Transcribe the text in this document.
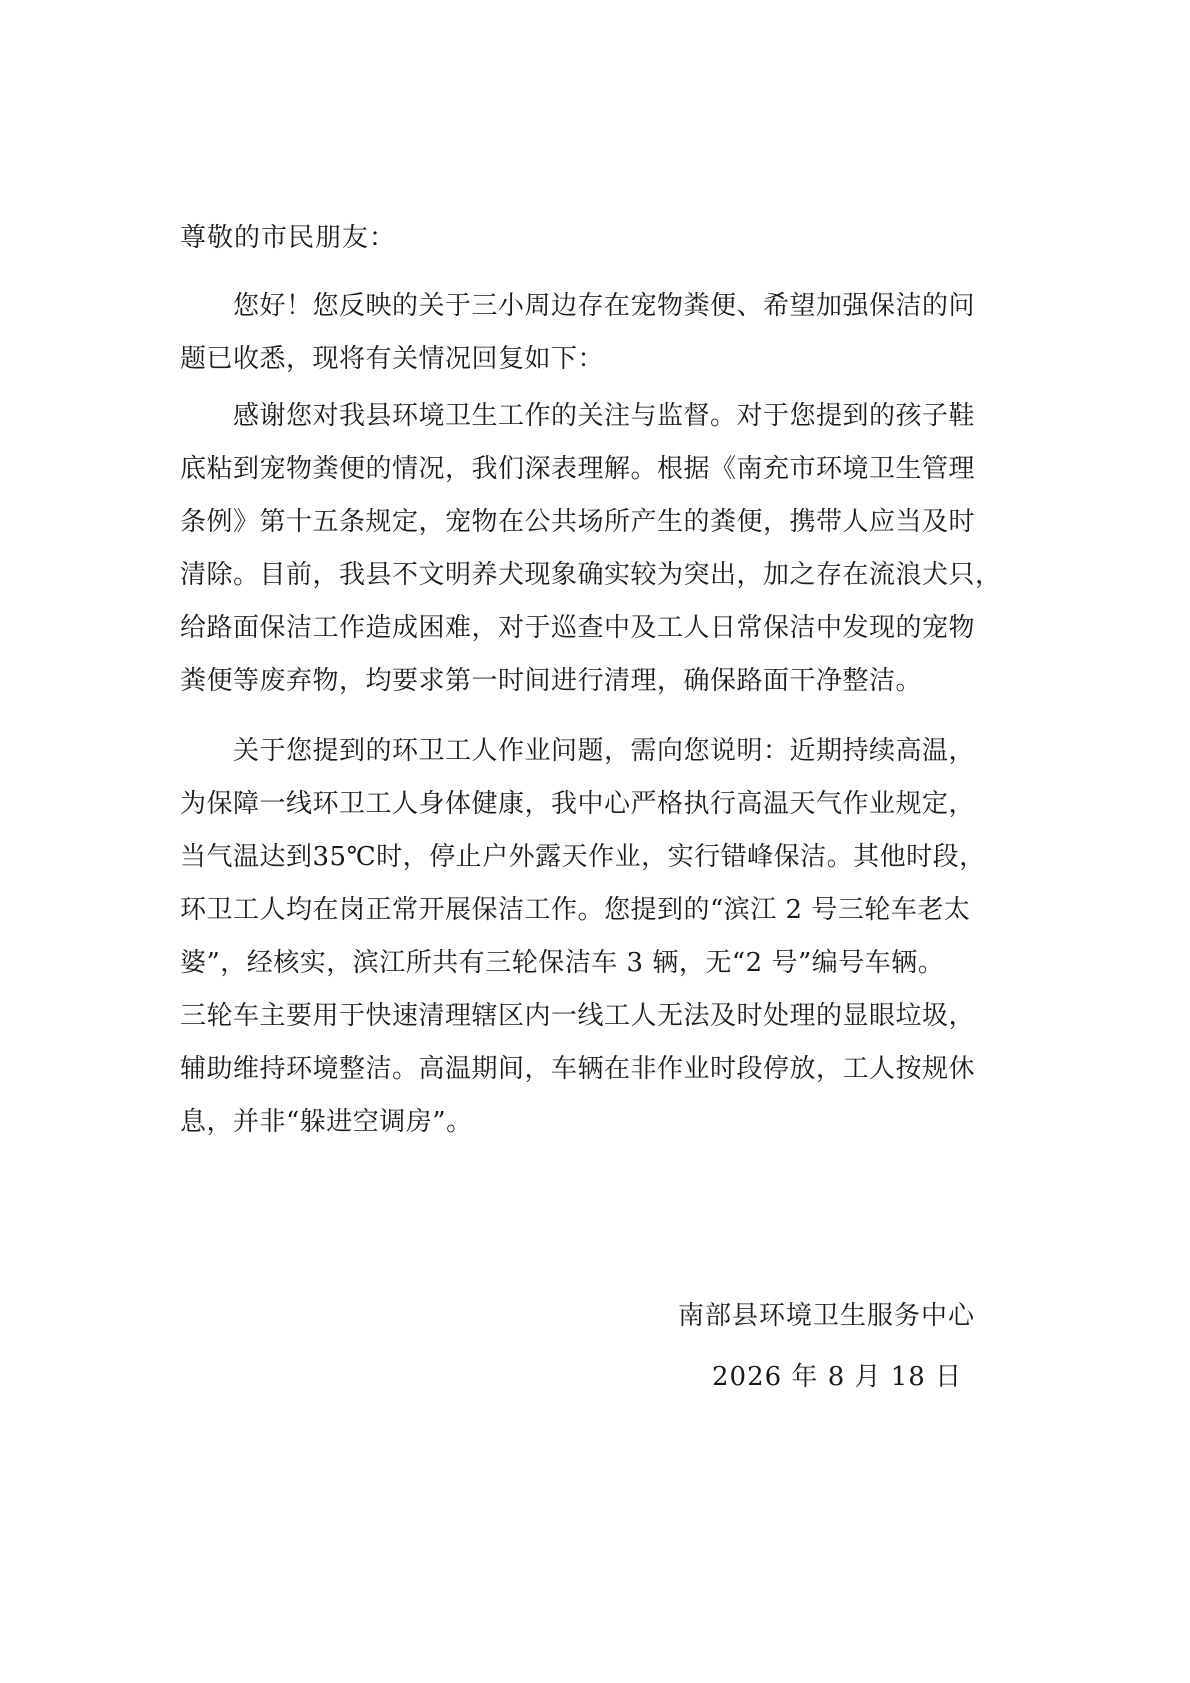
尊敬的市民朋友：
　　您好！您反映的关于三小周边存在宠物粪便、希望加强保洁的问
题已收悉，现将有关情况回复如下：
　　感谢您对我县环境卫生工作的关注与监督。对于您提到的孩子鞋
底粘到宠物粪便的情况，我们深表理解。根据《南充市环境卫生管理
条例》第十五条规定，宠物在公共场所产生的粪便，携带人应当及时
清除。目前，我县不文明养犬现象确实较为突出，加之存在流浪犬只，
给路面保洁工作造成困难，对于巡查中及工人日常保洁中发现的宠物
粪便等废弃物，均要求第一时间进行清理，确保路面干净整洁。
　　关于您提到的环卫工人作业问题，需向您说明：近期持续高温，
为保障一线环卫工人身体健康，我中心严格执行高温天气作业规定，
当气温达到35℃时，停止户外露天作业，实行错峰保洁。其他时段，
环卫工人均在岗正常开展保洁工作。您提到的“滨江 2 号三轮车老太
婆”，经核实，滨江所共有三轮保洁车 3 辆，无“2 号”编号车辆。
三轮车主要用于快速清理辖区内一线工人无法及时处理的显眼垃圾，
辅助维持环境整洁。高温期间，车辆在非作业时段停放，工人按规休
息，并非“躲进空调房”。
南部县环境卫生服务中心
2026 年 8 月 18 日
